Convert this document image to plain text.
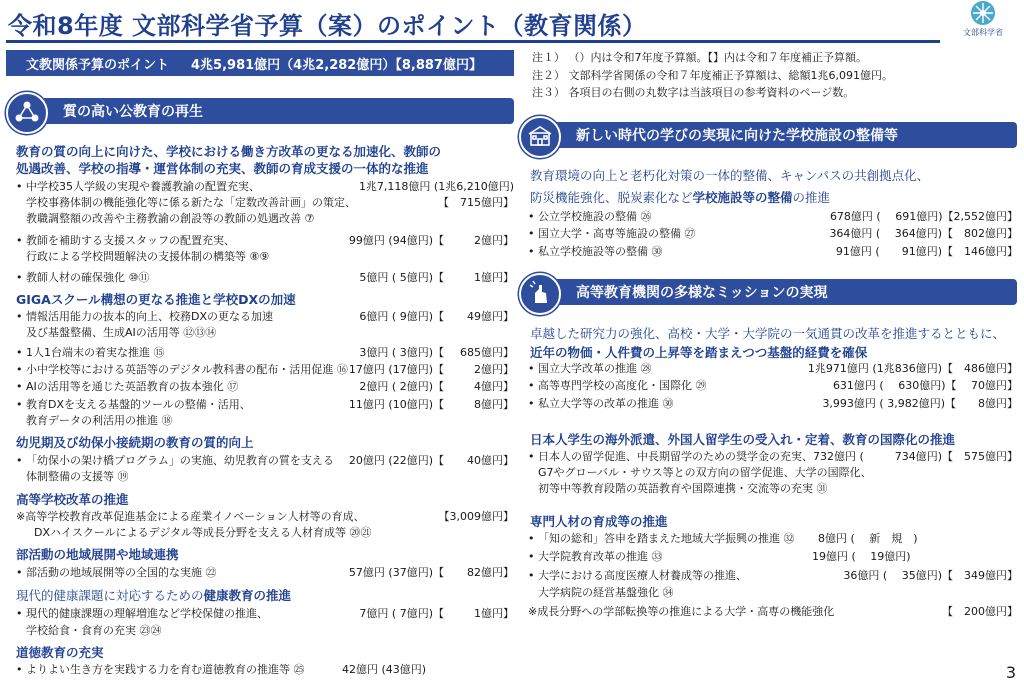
令和8年度 文部科学省予算（案）のポイント（教育関係）	文部科学省
文教関係予算のポイント 4兆5,981億円（4兆2,282億円）【8,887億円】	注１） （）内は令和7年度予算額。【】内は令和７年度補正予算額。
注２） 文部科学省関係の令和７年度補正予算額は、総額1兆6,091億円。
注３） 各項目の右側の丸数字は当該項目の参考資料のページ数。
質の高い公教育の再生
教育の質の向上に向けた、学校における働き方改革の更なる加速化、教師の
処遇改善、学校の指導・運営体制の充実、教師の育成支援の一体的な推進
• 中学校35人学級の実現や養護教諭の配置充実、	1兆7,118億円 (1兆6,210億円)
学校事務体制の機能強化等に係る新たな「定数改善計画」の策定、	【　715億円】
教職調整額の改善や主務教諭の創設等の教師の処遇改善 ⑦
• 教師を補助する支援スタッフの配置充実、	99億円 (94億円)【	2億円】
行政による学校問題解決の支援体制の構築等 ⑧⑨
• 教師人材の確保強化 ⑩⑪	5億円 ( 5億円)【	1億円】
GIGAスクール構想の更なる推進と学校DXの加速
• 情報活用能力の抜本的向上、校務DXの更なる加速	6億円 ( 9億円)【 49億円】
及び基盤整備、生成AIの活用等 ⑫⑬⑭
• 1人1台端末の着実な推進 ⑮	3億円 ( 3億円)【 685億円】
• 小中学校等における英語等のデジタル教科書の配布・活用促進 ⑯ 17億円 (17億円)【	2億円】
• AIの活用等を通じた英語教育の抜本強化 ⑰	2億円 ( 2億円)【	4億円】
• 教育DXを支える基盤的ツールの整備・活用、	11億円 (10億円)【	8億円】
教育データの利活用の推進 ⑱
幼児期及び幼保小接続期の教育の質的向上
• 「幼保小の架け橋プログラム」の実施、幼児教育の質を支える 20億円 (22億円)【 40億円】
体制整備の支援等 ⑲
高等学校改革の推進
※高等学校教育改革促進基金による産業イノベーション人材等の育成、	【3,009億円】
DXハイスクールによるデジタル等成長分野を支える人材育成等 ⑳㉑
部活動の地域展開や地域連携
• 部活動の地域展開等の全国的な実施 ㉒	57億円 (37億円)【 82億円】
現代的健康課題に対応するための健康教育の推進
• 現代的健康課題の理解増進など学校保健の推進、	7億円 ( 7億円)【	1億円】
学校給食・食育の充実 ㉓㉔
道徳教育の充実
• よりよい生き方を実践する力を育む道徳教育の推進等 ㉕	42億円 (43億円)
新しい時代の学びの実現に向けた学校施設の整備等
教育環境の向上と老朽化対策の一体的整備、キャンパスの共創拠点化、
防災機能強化、脱炭素化など学校施設等の整備の推進
• 公立学校施設の整備 ㉖	678億円 (　 691億円)【2,552億円】
• 国立大学・高専等施設の整備 ㉗	364億円 (　 364億円)【　802億円】
• 私立学校施設等の整備 ㉚	91億円 (　　91億円)【　146億円】
高等教育機関の多様なミッションの実現
卓越した研究力の強化、高校・大学・大学院の一気通貫の改革を推進するとともに、
近年の物価・人件費の上昇等を踏まえつつ基盤的経費を確保
• 国立大学改革の推進 ㉘	1兆971億円 (1兆836億円)【　486億円】
• 高等専門学校の高度化・国際化 ㉙	631億円 (　 630億円)【　 70億円】
• 私立大学等の改革の推進 ㉚	3,993億円 ( 3,982億円)【　　8億円】
日本人学生の海外派遣、外国人留学生の受入れ・定着、教育の国際化の推進
• 日本人の留学促進、中長期留学のための奨学金の充実、732億円 (	734億円)【　575億円】
G7やグローバル・サウス等との双方向の留学促進、大学の国際化、
初等中等教育段階の英語教育や国際連携・交流等の充実 ㉛
専門人材の育成等の推進
• 「知の総和」答申を踏まえた地域大学振興の推進 ㉜ 8億円 (　 新　規　)
• 大学院教育改革の推進 ㉝	19億円 (　 19億円)
• 大学における高度医療人材養成等の推進、	36億円 (　 35億円)【　349億円】
大学病院の経営基盤強化 ㉞
※成長分野への学部転換等の推進による大学・高専の機能強化	【　200億円】
3
